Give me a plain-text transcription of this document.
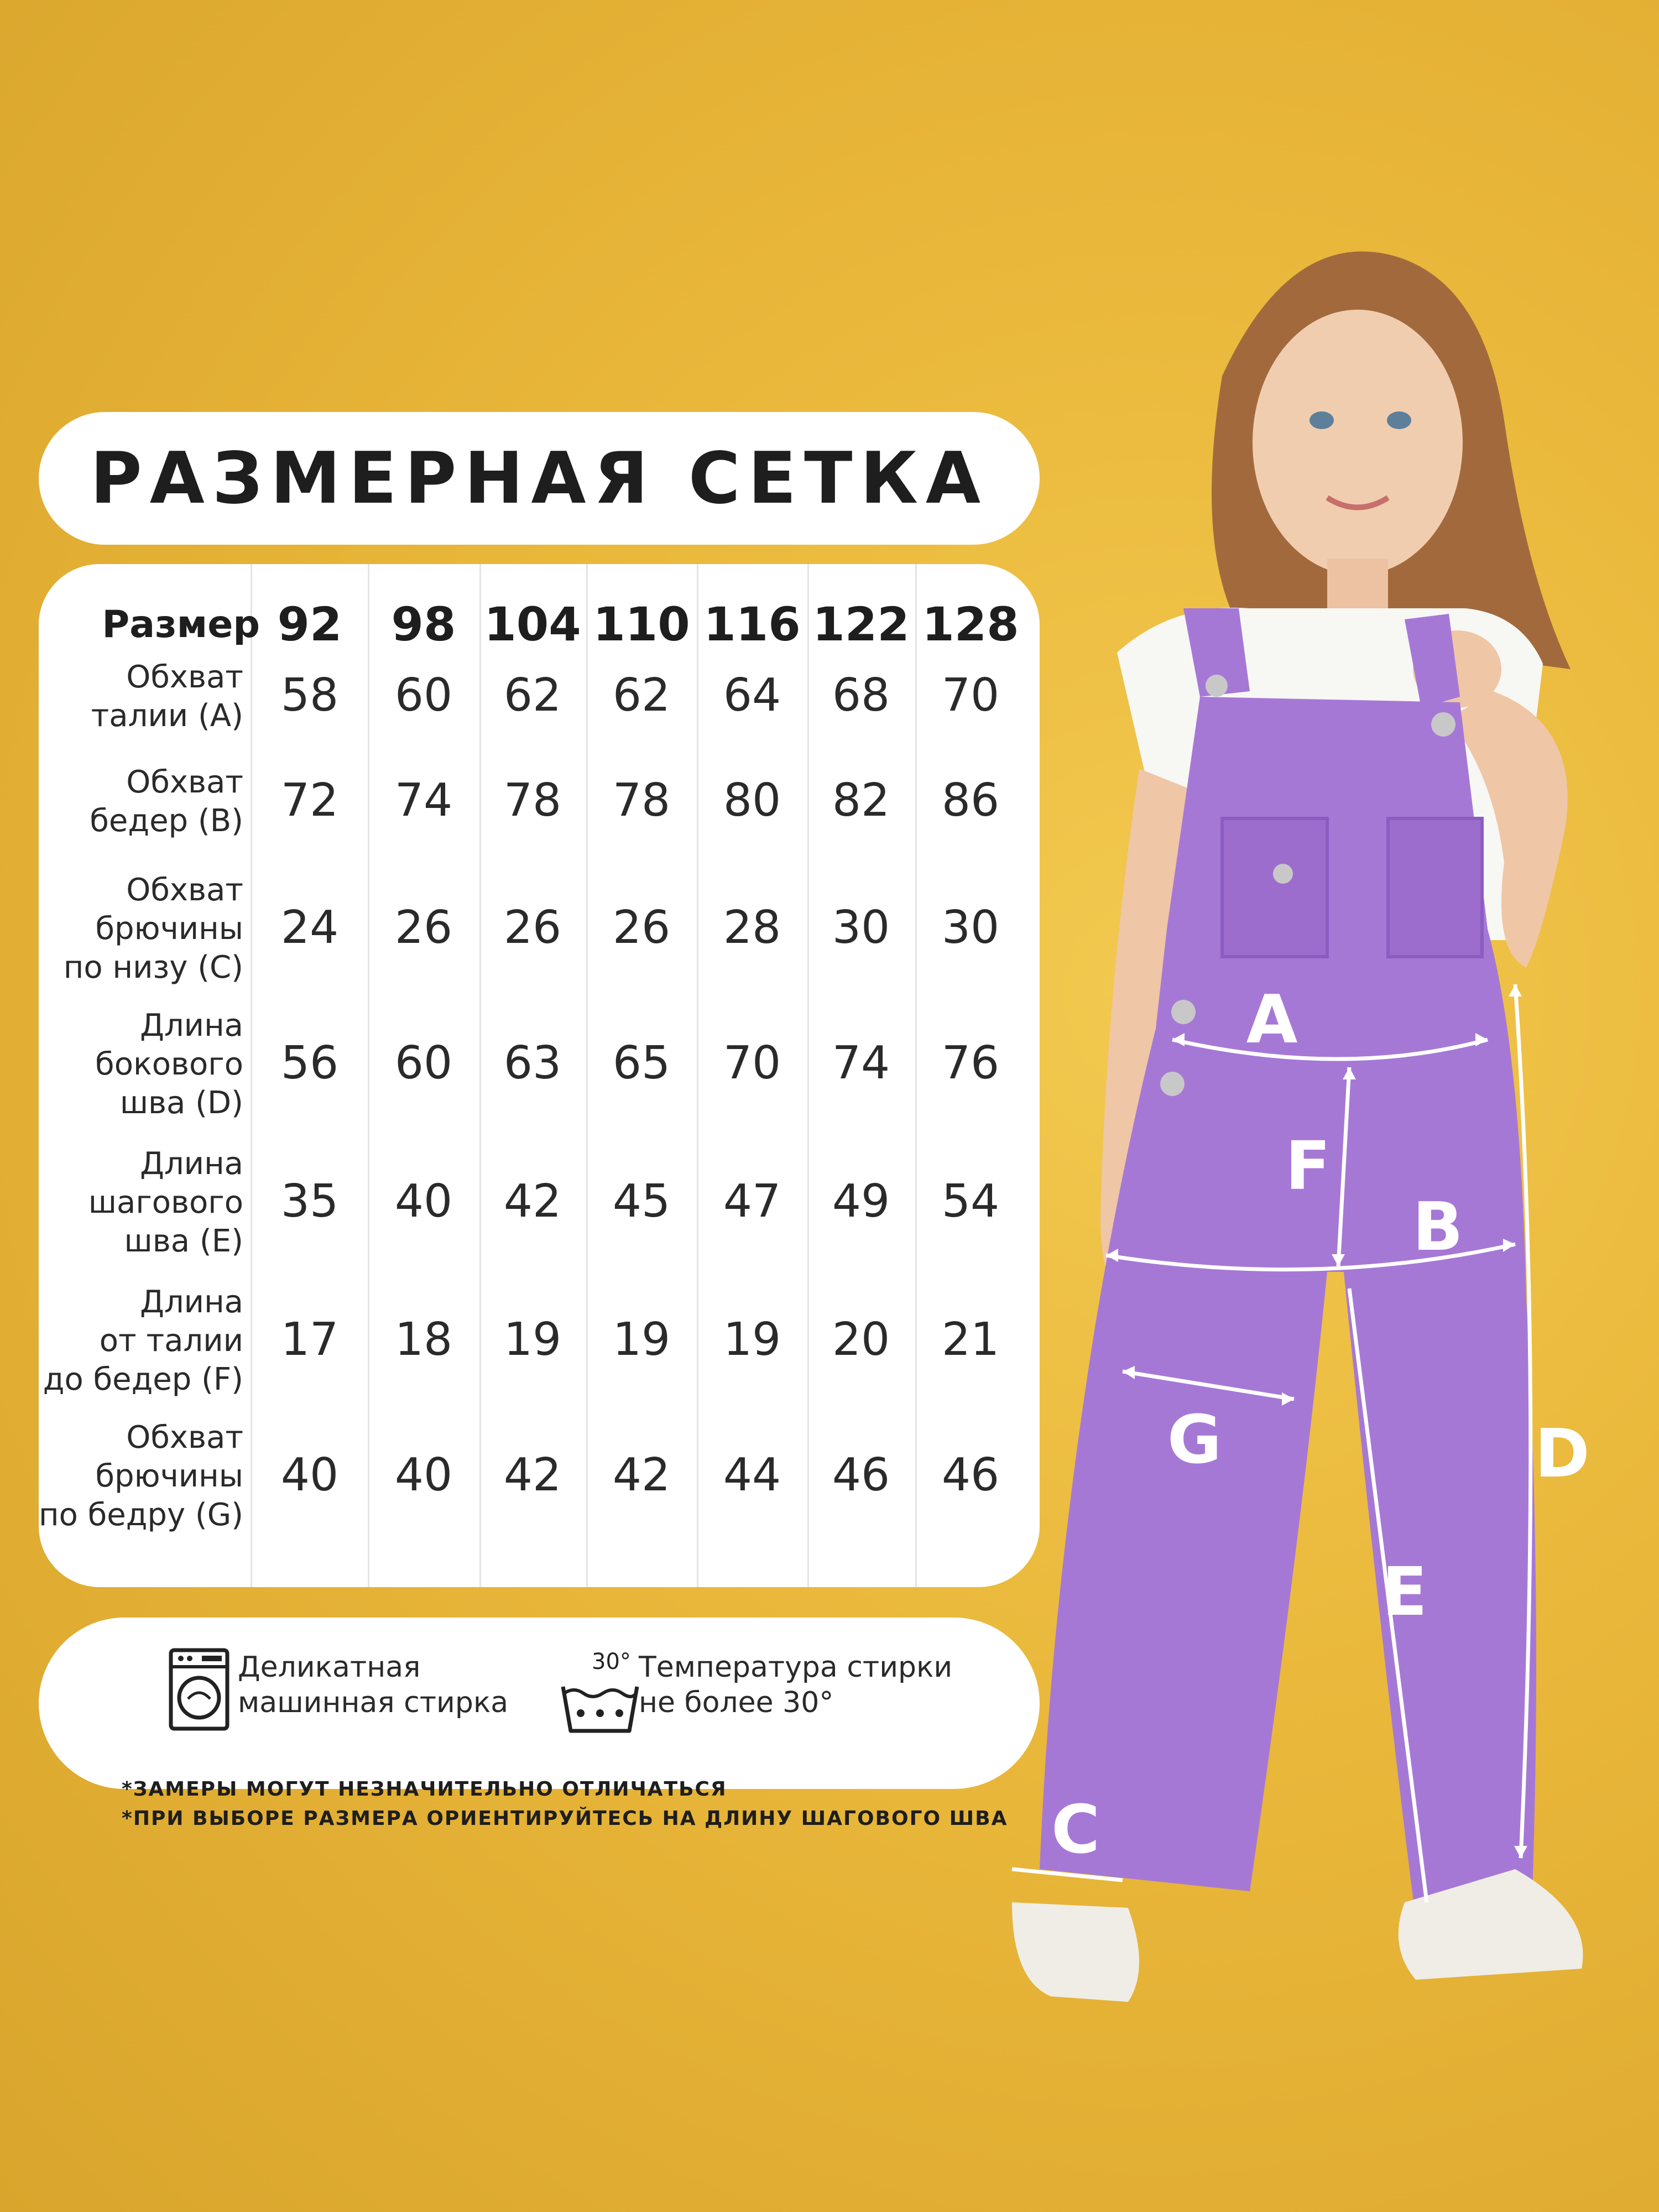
РАЗМЕРНАЯ СЕТКА
Размер 92	98 104 110 116 122 128
Обхват
талии (A) 58	60	62	62	64	68	70
Обхват
бедер (B) 72	74	78	78	80	82	86
Обхват
брючины
по низу (C)
24	26	26	26	28	30	30
Длина
бокового
шва (D)
56	60	63	65	70	74	76
Длина
шагового
шва (E)
35	40	42	45	47	49	54
Длина
от талии
до бедер (F)
17	18	19	19	19	20	21
Обхват
брючины
по бедру (G)
40	40	42	42	44	46	46
Деликатная
машинная стирка
30° Температура стирки
не более 30°
*ЗАМЕРЫ МОГУТ НЕЗНАЧИТЕЛЬНО ОТЛИЧАТЬСЯ
*ПРИ ВЫБОРЕ РАЗМЕРА ОРИЕНТИРУЙТЕСЬ НА ДЛИНУ ШАГОВОГО ШВА
A
F
B
G	D
E
C
